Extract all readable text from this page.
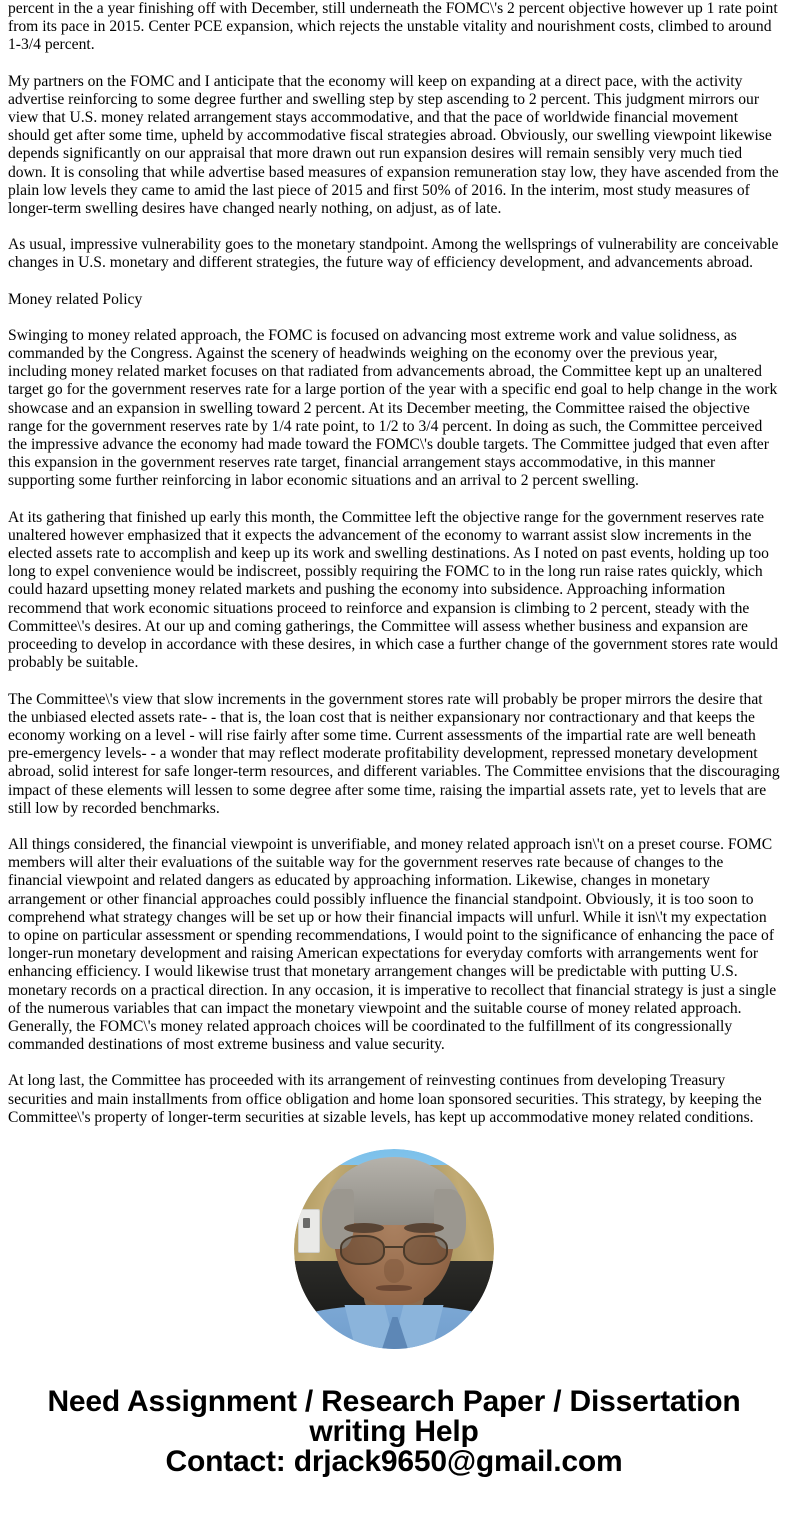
percent in the a year finishing off with December, still underneath the FOMC\'s 2 percent objective however up 1 rate point from its pace in 2015. Center PCE expansion, which rejects the unstable vitality and nourishment costs, climbed to around 1-3/4 percent.

My partners on the FOMC and I anticipate that the economy will keep on expanding at a direct pace, with the activity advertise reinforcing to some degree further and swelling step by step ascending to 2 percent. This judgment mirrors our view that U.S. money related arrangement stays accommodative, and that the pace of worldwide financial movement should get after some time, upheld by accommodative fiscal strategies abroad. Obviously, our swelling viewpoint likewise depends significantly on our appraisal that more drawn out run expansion desires will remain sensibly very much tied down. It is consoling that while advertise based measures of expansion remuneration stay low, they have ascended from the plain low levels they came to amid the last piece of 2015 and first 50% of 2016. In the interim, most study measures of longer-term swelling desires have changed nearly nothing, on adjust, as of late.

As usual, impressive vulnerability goes to the monetary standpoint. Among the wellsprings of vulnerability are conceivable changes in U.S. monetary and different strategies, the future way of efficiency development, and advancements abroad.

Money related Policy

Swinging to money related approach, the FOMC is focused on advancing most extreme work and value solidness, as commanded by the Congress. Against the scenery of headwinds weighing on the economy over the previous year, including money related market focuses on that radiated from advancements abroad, the Committee kept up an unaltered target go for the government reserves rate for a large portion of the year with a specific end goal to help change in the work showcase and an expansion in swelling toward 2 percent. At its December meeting, the Committee raised the objective range for the government reserves rate by 1/4 rate point, to 1/2 to 3/4 percent. In doing as such, the Committee perceived the impressive advance the economy had made toward the FOMC\'s double targets. The Committee judged that even after this expansion in the government reserves rate target, financial arrangement stays accommodative, in this manner supporting some further reinforcing in labor economic situations and an arrival to 2 percent swelling.

At its gathering that finished up early this month, the Committee left the objective range for the government reserves rate unaltered however emphasized that it expects the advancement of the economy to warrant assist slow increments in the elected assets rate to accomplish and keep up its work and swelling destinations. As I noted on past events, holding up too long to expel convenience would be indiscreet, possibly requiring the FOMC to in the long run raise rates quickly, which could hazard upsetting money related markets and pushing the economy into subsidence. Approaching information recommend that work economic situations proceed to reinforce and expansion is climbing to 2 percent, steady with the Committee\'s desires. At our up and coming gatherings, the Committee will assess whether business and expansion are proceeding to develop in accordance with these desires, in which case a further change of the government stores rate would probably be suitable.

The Committee\'s view that slow increments in the government stores rate will probably be proper mirrors the desire that the unbiased elected assets rate- - that is, the loan cost that is neither expansionary nor contractionary and that keeps the economy working on a level - will rise fairly after some time. Current assessments of the impartial rate are well beneath pre-emergency levels- - a wonder that may reflect moderate profitability development, repressed monetary development abroad, solid interest for safe longer-term resources, and different variables. The Committee envisions that the discouraging impact of these elements will lessen to some degree after some time, raising the impartial assets rate, yet to levels that are still low by recorded benchmarks.

All things considered, the financial viewpoint is unverifiable, and money related approach isn\'t on a preset course. FOMC members will alter their evaluations of the suitable way for the government reserves rate because of changes to the financial viewpoint and related dangers as educated by approaching information. Likewise, changes in monetary arrangement or other financial approaches could possibly influence the financial standpoint. Obviously, it is too soon to comprehend what strategy changes will be set up or how their financial impacts will unfurl. While it isn\'t my expectation to opine on particular assessment or spending recommendations, I would point to the significance of enhancing the pace of longer-run monetary development and raising American expectations for everyday comforts with arrangements went for enhancing efficiency. I would likewise trust that monetary arrangement changes will be predictable with putting U.S. monetary records on a practical direction. In any occasion, it is imperative to recollect that financial strategy is just a single of the numerous variables that can impact the monetary viewpoint and the suitable course of money related approach. Generally, the FOMC\'s money related approach choices will be coordinated to the fulfillment of its congressionally commanded destinations of most extreme business and value security.

At long last, the Committee has proceeded with its arrangement of reinvesting continues from developing Treasury securities and main installments from office obligation and home loan sponsored securities. This strategy, by keeping the Committee\'s property of longer-term securities at sizable levels, has kept up accommodative money related conditions.

Need Assignment / Research Paper / Dissertation writing Help
Contact: drjack9650@gmail.com
